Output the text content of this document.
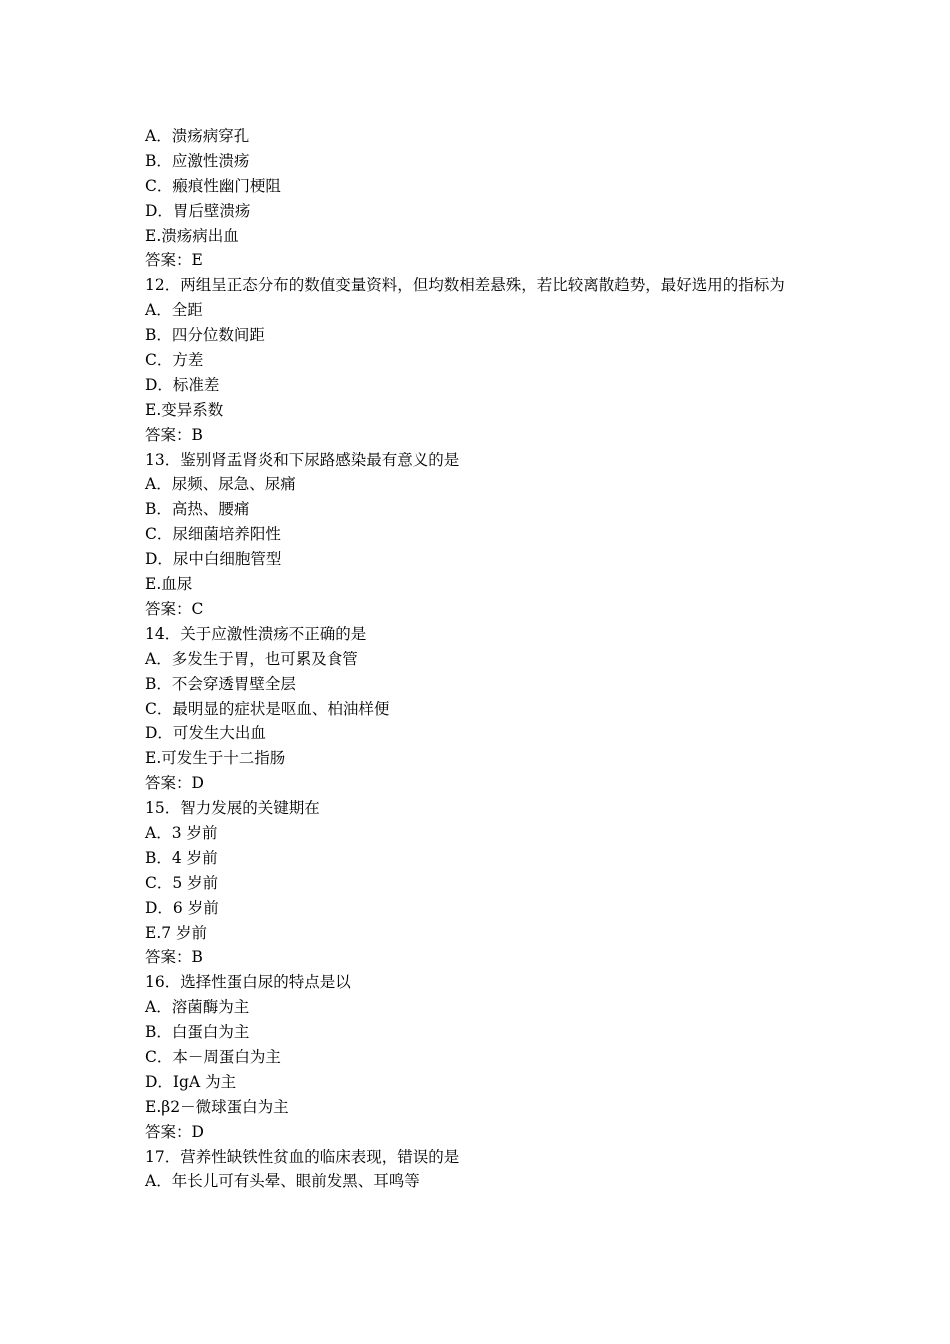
A．溃疡病穿孔
B．应激性溃疡
C．瘢痕性幽门梗阻
D．胃后壁溃疡
E.溃疡病出血
答案：E
12．两组呈正态分布的数值变量资料，但均数相差悬殊，若比较离散趋势，最好选用的指标为
A．全距
B．四分位数间距
C．方差
D．标准差
E.变异系数
答案：B
13．鉴别肾盂肾炎和下尿路感染最有意义的是
A．尿频、尿急、尿痛
B．高热、腰痛
C．尿细菌培养阳性
D．尿中白细胞管型
E.血尿
答案：C
14．关于应激性溃疡不正确的是
A．多发生于胃，也可累及食管
B．不会穿透胃壁全层
C．最明显的症状是呕血、柏油样便
D．可发生大出血
E.可发生于十二指肠
答案：D
15．智力发展的关键期在
A．3 岁前
B．4 岁前
C．5 岁前
D．6 岁前
E.7 岁前
答案：B
16．选择性蛋白尿的特点是以
A．溶菌酶为主
B．白蛋白为主
C．本－周蛋白为主
D．IgA 为主
E.β2－微球蛋白为主
答案：D
17．营养性缺铁性贫血的临床表现，错误的是
A．年长儿可有头晕、眼前发黑、耳鸣等
